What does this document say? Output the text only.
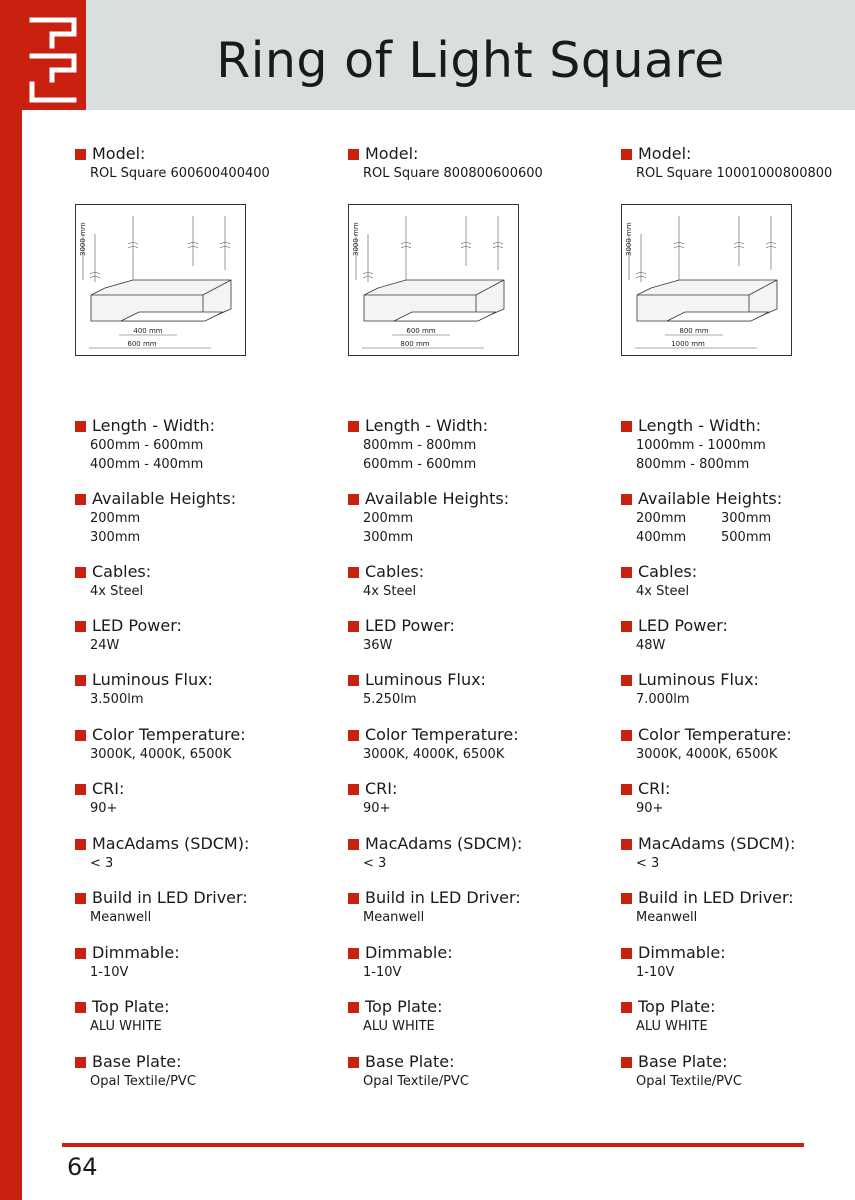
Ring of Light Square
Model:
ROL Square 600600400400
3000 mm
400 mm
600 mm
Length - Width:
600mm - 600mm
400mm - 400mm
Available Heights:
200mm
300mm
Cables:
4x Steel
LED Power:
24W
Luminous Flux:
3.500lm
Color Temperature:
3000K, 4000K, 6500K
CRI:
90+
MacAdams (SDCM):
< 3
Build in LED Driver:
Meanwell
Dimmable:
1-10V
Top Plate:
ALU WHITE
Base Plate:
Opal Textile/PVC
Model:
ROL Square 800800600600
3000 mm
600 mm
800 mm
Length - Width:
800mm - 800mm
600mm - 600mm
Available Heights:
200mm
300mm
Cables:
4x Steel
LED Power:
36W
Luminous Flux:
5.250lm
Color Temperature:
3000K, 4000K, 6500K
CRI:
90+
MacAdams (SDCM):
< 3
Build in LED Driver:
Meanwell
Dimmable:
1-10V
Top Plate:
ALU WHITE
Base Plate:
Opal Textile/PVC
Model:
ROL Square 10001000800800
3000 mm
800 mm
1000 mm
Length - Width:
1000mm - 1000mm
800mm - 800mm
Available Heights:
200mm	300mm
400mm	500mm
Cables:
4x Steel
LED Power:
48W
Luminous Flux:
7.000lm
Color Temperature:
3000K, 4000K, 6500K
CRI:
90+
MacAdams (SDCM):
< 3
Build in LED Driver:
Meanwell
Dimmable:
1-10V
Top Plate:
ALU WHITE
Base Plate:
Opal Textile/PVC
64
